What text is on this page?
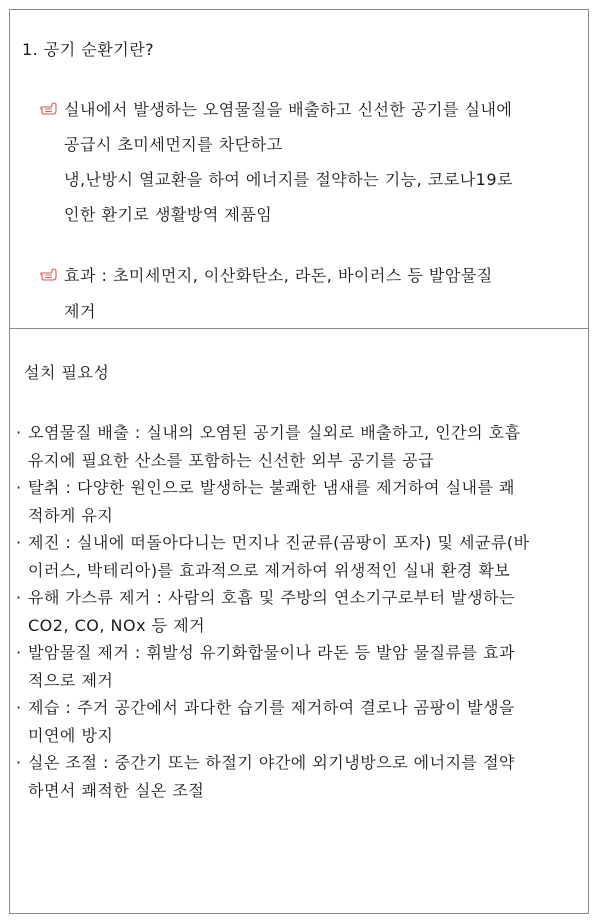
1. 공기 순환기란?
실내에서 발생하는 오염물질을 배출하고 신선한 공기를 실내에
공급시 초미세먼지를 차단하고
냉,난방시 열교환을 하여 에너지를 절약하는 기능, 코로나19로
인한 환기로 생활방역 제품임
효과 : 초미세먼지, 이산화탄소, 라돈, 바이러스 등 발암물질
제거
설치 필요성
· 오염물질 배출 : 실내의 오염된 공기를 실외로 배출하고, 인간의 호흡
유지에 필요한 산소를 포함하는 신선한 외부 공기를 공급
· 탈취 : 다양한 원인으로 발생하는 불쾌한 냄새를 제거하여 실내를 쾌
적하게 유지
· 제진 : 실내에 떠돌아다니는 먼지나 진균류(곰팡이 포자) 및 세균류(바
이러스, 박테리아)를 효과적으로 제거하여 위생적인 실내 환경 확보
· 유해 가스류 제거 : 사람의 호흡 및 주방의 연소기구로부터 발생하는
CO2, CO, NOx 등 제거
· 발암물질 제거 : 휘발성 유기화합물이나 라돈 등 발암 물질류를 효과
적으로 제거
· 제습 : 주거 공간에서 과다한 습기를 제거하여 결로나 곰팡이 발생을
미연에 방지
· 실온 조절 : 중간기 또는 하절기 야간에 외기냉방으로 에너지를 절약
하면서 쾌적한 실온 조절
